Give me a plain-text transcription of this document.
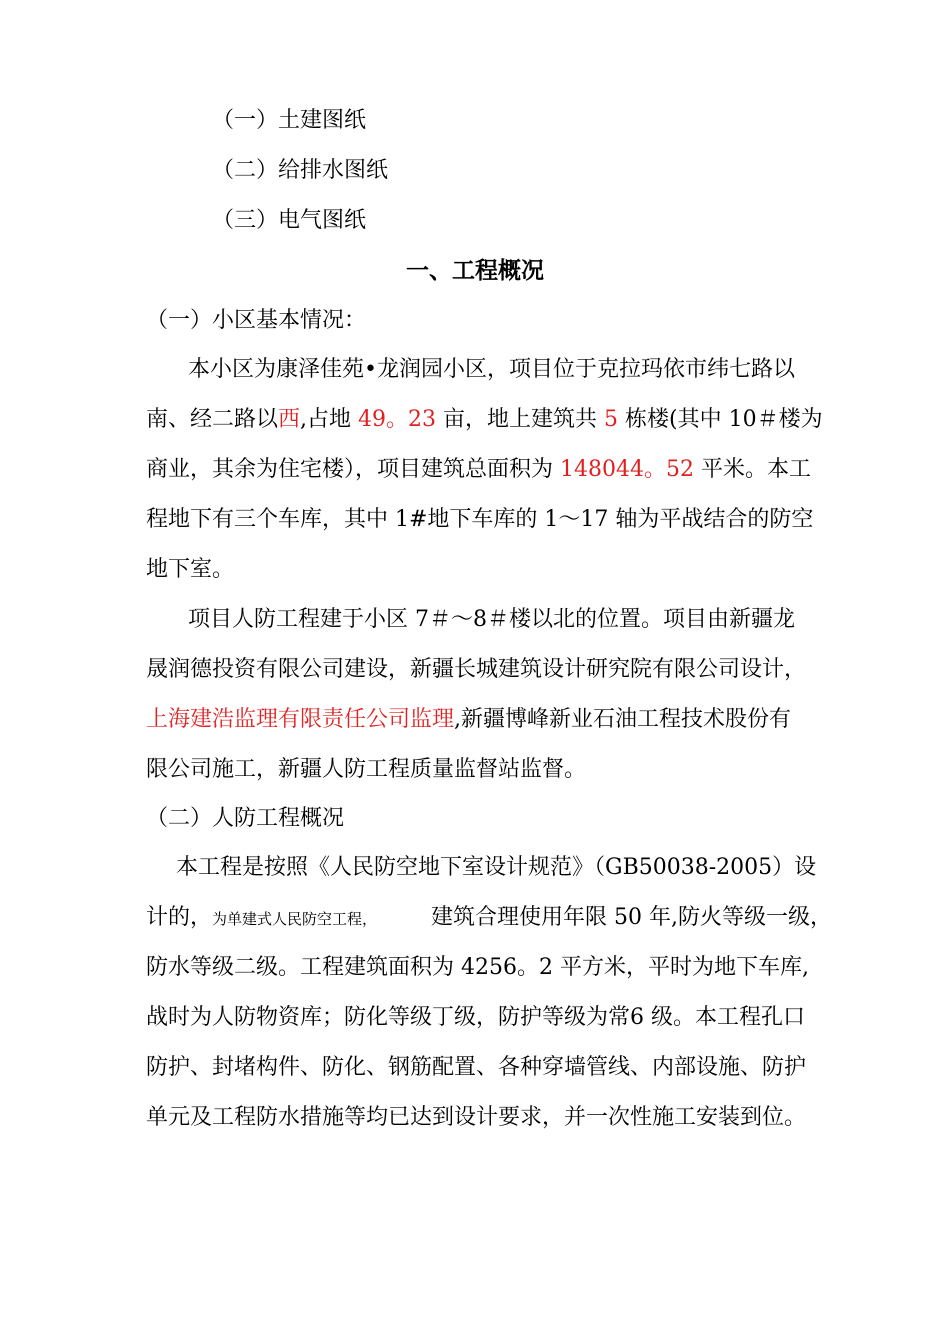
（一）土建图纸
（二）给排水图纸
（三）电气图纸
一、工程概况
（一）小区基本情况：
本小区为康泽佳苑•龙润园小区，项目位于克拉玛依市纬七路以
南、经二路以西,占地 49。23 亩，地上建筑共 5 栋楼(其中 10＃楼为
商业，其余为住宅楼），项目建筑总面积为 148044。52 平米。本工
程地下有三个车库，其中 1#地下车库的 1～17 轴为平战结合的防空
地下室。
项目人防工程建于小区 7＃～8＃楼以北的位置。项目由新疆龙
晟润德投资有限公司建设，新疆长城建筑设计研究院有限公司设计，
上海建浩监理有限责任公司监理,新疆博峰新业石油工程技术股份有
限公司施工，新疆人防工程质量监督站监督。
（二）人防工程概况
本工程是按照《人民防空地下室设计规范》（GB50038-2005）设
计的，为单建式人民防空工程， 建筑合理使用年限 50 年,防火等级一级，
防水等级二级。工程建筑面积为 4256。2 平方米，平时为地下车库,
战时为人防物资库；防化等级丁级，防护等级为常6 级。本工程孔口
防护、封堵构件、防化、钢筋配置、各种穿墙管线、内部设施、防护
单元及工程防水措施等均已达到设计要求，并一次性施工安装到位。
